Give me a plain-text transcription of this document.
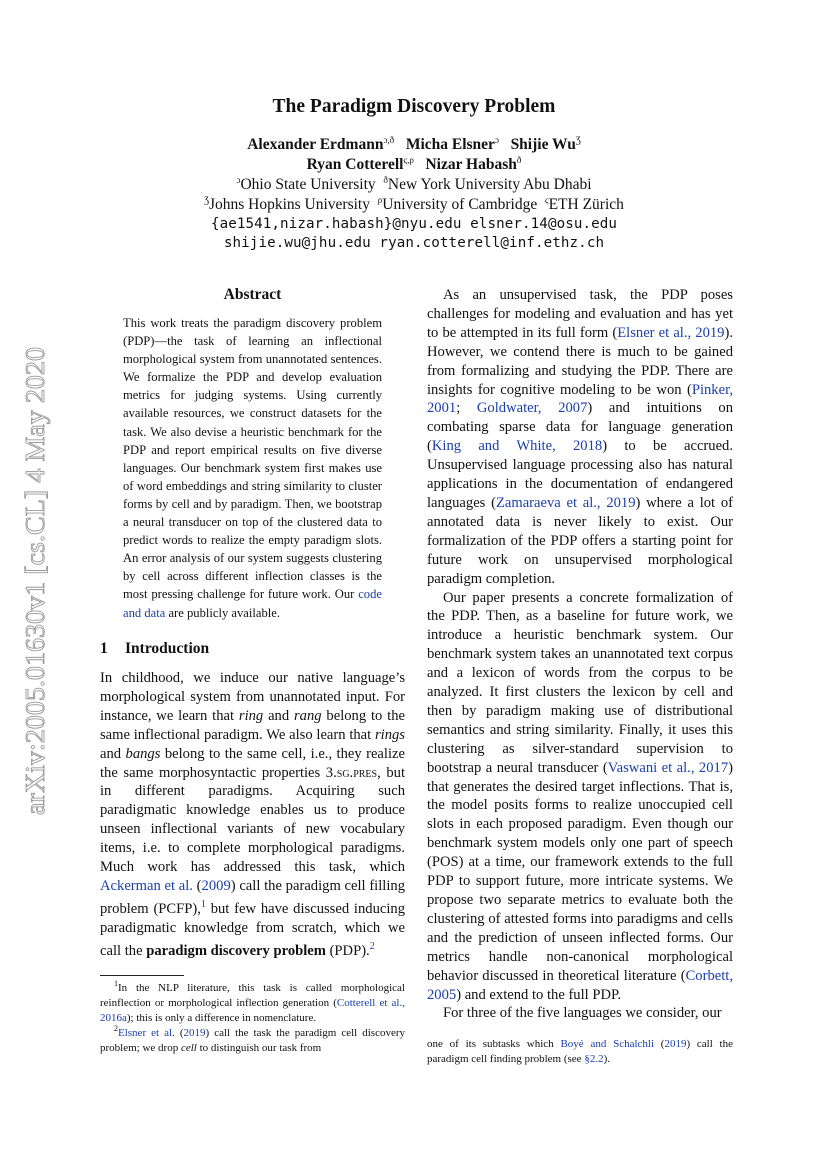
arXiv:2005.01630v1 [cs.CL] 4 May 2020
The Paradigm Discovery Problem
Alexander Erdmann$^{ɔ,ð}$ Micha Elsner$^ɔ$ Shijie $Wu^Ʒ$
Ryan Cotterell$^{\varsigma,\rho}$ Nizar Habash$^ð$
$^ɔ$Ohio State University $^ð$New York University Abu Dhabi
$^Ʒ$Johns Hopkins University $^\rho$University of Cambridge $^\varsigma$ETH Zürich
{ae1541,nizar.habash}@nyu.edu elsner.14@osu.edu
shijie.wu@jhu.edu ryan.cotterell@inf.ethz.ch
Abstract
This work treats the paradigm discovery problem (PDP)—the task of learning an inflectional morphological system from unannotated sentences. We formalize the PDP and develop evaluation metrics for judging systems. Using currently available resources, we construct datasets for the task. We also devise a heuristic benchmark for the PDP and report empirical results on five diverse languages. Our benchmark system first makes use of word embeddings and string similarity to cluster forms by cell and by paradigm. Then, we bootstrap a neural transducer on top of the clustered data to predict words to realize the empty paradigm slots. An error analysis of our system suggests clustering by cell across different inflection classes is the most pressing challenge for future work. Our code and data are publicly available.
1 Introduction

In childhood, we induce our native language’s morphological system from unannotated input. For instance, we learn that ring and rang belong to the same inflectional paradigm. We also learn that rings and bangs belong to the same cell, i.e., they realize the same morphosyntactic properties 3.sg.pres, but in different paradigms. Acquiring such paradigmatic knowledge enables us to produce unseen inflectional variants of new vocabulary items, i.e. to complete morphological paradigms. Much work has addressed this task, which Ackerman et al. (2009) call the paradigm cell filling problem (PCFP),$^1$ but few have discussed inducing paradigmatic knowledge from scratch, which we call the paradigm discovery problem (PDP).$^2$

$^1$In the NLP literature, this task is called morphological reinflection or morphological inflection generation (Cotterell et al., 2016a); this is only a difference in nomenclature.

$^2$Elsner et al. (2019) call the task the paradigm cell discovery problem; we drop cell to distinguish our task from

As an unsupervised task, the PDP poses challenges for modeling and evaluation and has yet to be attempted in its full form (Elsner et al., 2019). However, we contend there is much to be gained from formalizing and studying the PDP. There are insights for cognitive modeling to be won (Pinker, 2001; Goldwater, 2007) and intuitions on combating sparse data for language generation (King and White, 2018) to be accrued. Unsupervised language processing also has natural applications in the documentation of endangered languages (Zamaraeva et al., 2019) where a lot of annotated data is never likely to exist. Our formalization of the PDP offers a starting point for future work on unsupervised morphological paradigm completion.

Our paper presents a concrete formalization of the PDP. Then, as a baseline for future work, we introduce a heuristic benchmark system. Our benchmark system takes an unannotated text corpus and a lexicon of words from the corpus to be analyzed. It first clusters the lexicon by cell and then by paradigm making use of distributional semantics and string similarity. Finally, it uses this clustering as silver-standard supervision to bootstrap a neural transducer (Vaswani et al., 2017) that generates the desired target inflections. That is, the model posits forms to realize unoccupied cell slots in each proposed paradigm. Even though our benchmark system models only one part of speech (POS) at a time, our framework extends to the full PDP to support future, more intricate systems. We propose two separate metrics to evaluate both the clustering of attested forms into paradigms and cells and the prediction of unseen inflected forms. Our metrics handle non-canonical morphological behavior discussed in theoretical literature (Corbett, 2005) and extend to the full PDP.

For three of the five languages we consider, our

one of its subtasks which Boyé and Schalchli (2019) call the paradigm cell finding problem (see §2.2).
